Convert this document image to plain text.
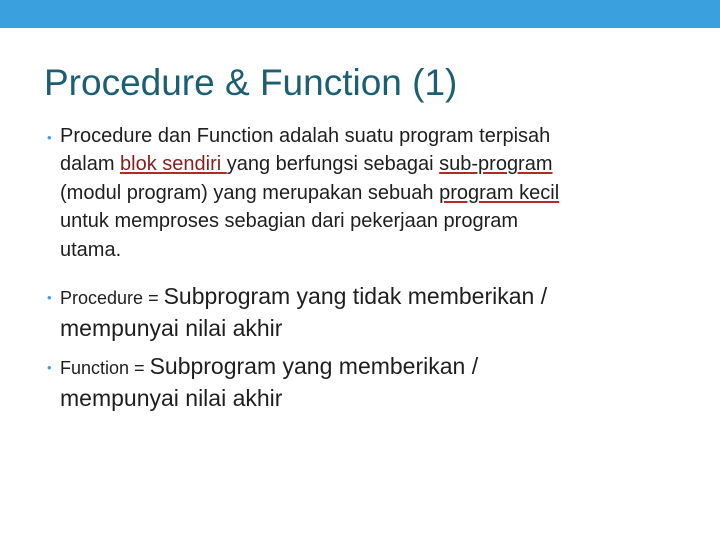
Procedure & Function (1)
• Procedure dan Function adalah suatu program terpisah
dalam blok sendiri yang berfungsi sebagai sub-program
(modul program) yang merupakan sebuah program kecil
untuk memproses sebagian dari pekerjaan program
utama.
• Procedure = Subprogram yang tidak memberikan /
mempunyai nilai akhir
• Function = Subprogram yang memberikan /
mempunyai nilai akhir
